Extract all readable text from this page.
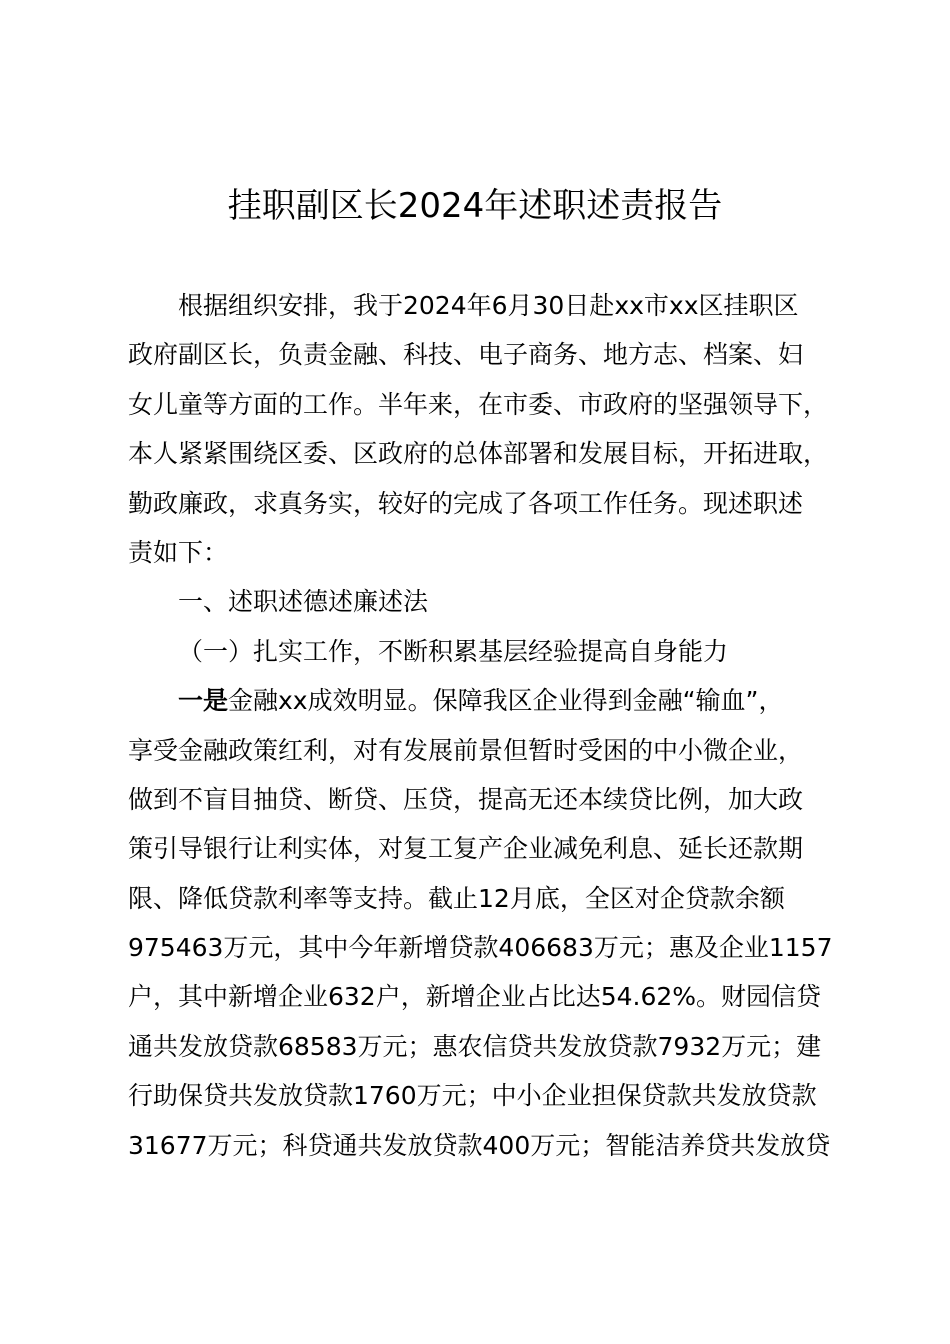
挂职副区长2024年述职述责报告
根据组织安排，我于2024年6月30日赴xx市xx区挂职区
政府副区长，负责金融、科技、电子商务、地方志、档案、妇
女儿童等方面的工作。半年来，在市委、市政府的坚强领导下，
本人紧紧围绕区委、区政府的总体部署和发展目标，开拓进取，
勤政廉政，求真务实，较好的完成了各项工作任务。现述职述
责如下：
一、述职述德述廉述法
（一）扎实工作，不断积累基层经验提高自身能力
一是金融xx成效明显。保障我区企业得到金融“输血”，
享受金融政策红利，对有发展前景但暂时受困的中小微企业，
做到不盲目抽贷、断贷、压贷，提高无还本续贷比例，加大政
策引导银行让利实体，对复工复产企业减免利息、延长还款期
限、降低贷款利率等支持。截止12月底，全区对企贷款余额
975463万元，其中今年新增贷款406683万元；惠及企业1157
户，其中新增企业632户，新增企业占比达54.62%。财园信贷
通共发放贷款68583万元；惠农信贷共发放贷款7932万元；建
行助保贷共发放贷款1760万元；中小企业担保贷款共发放贷款
31677万元；科贷通共发放贷款400万元；智能洁养贷共发放贷
